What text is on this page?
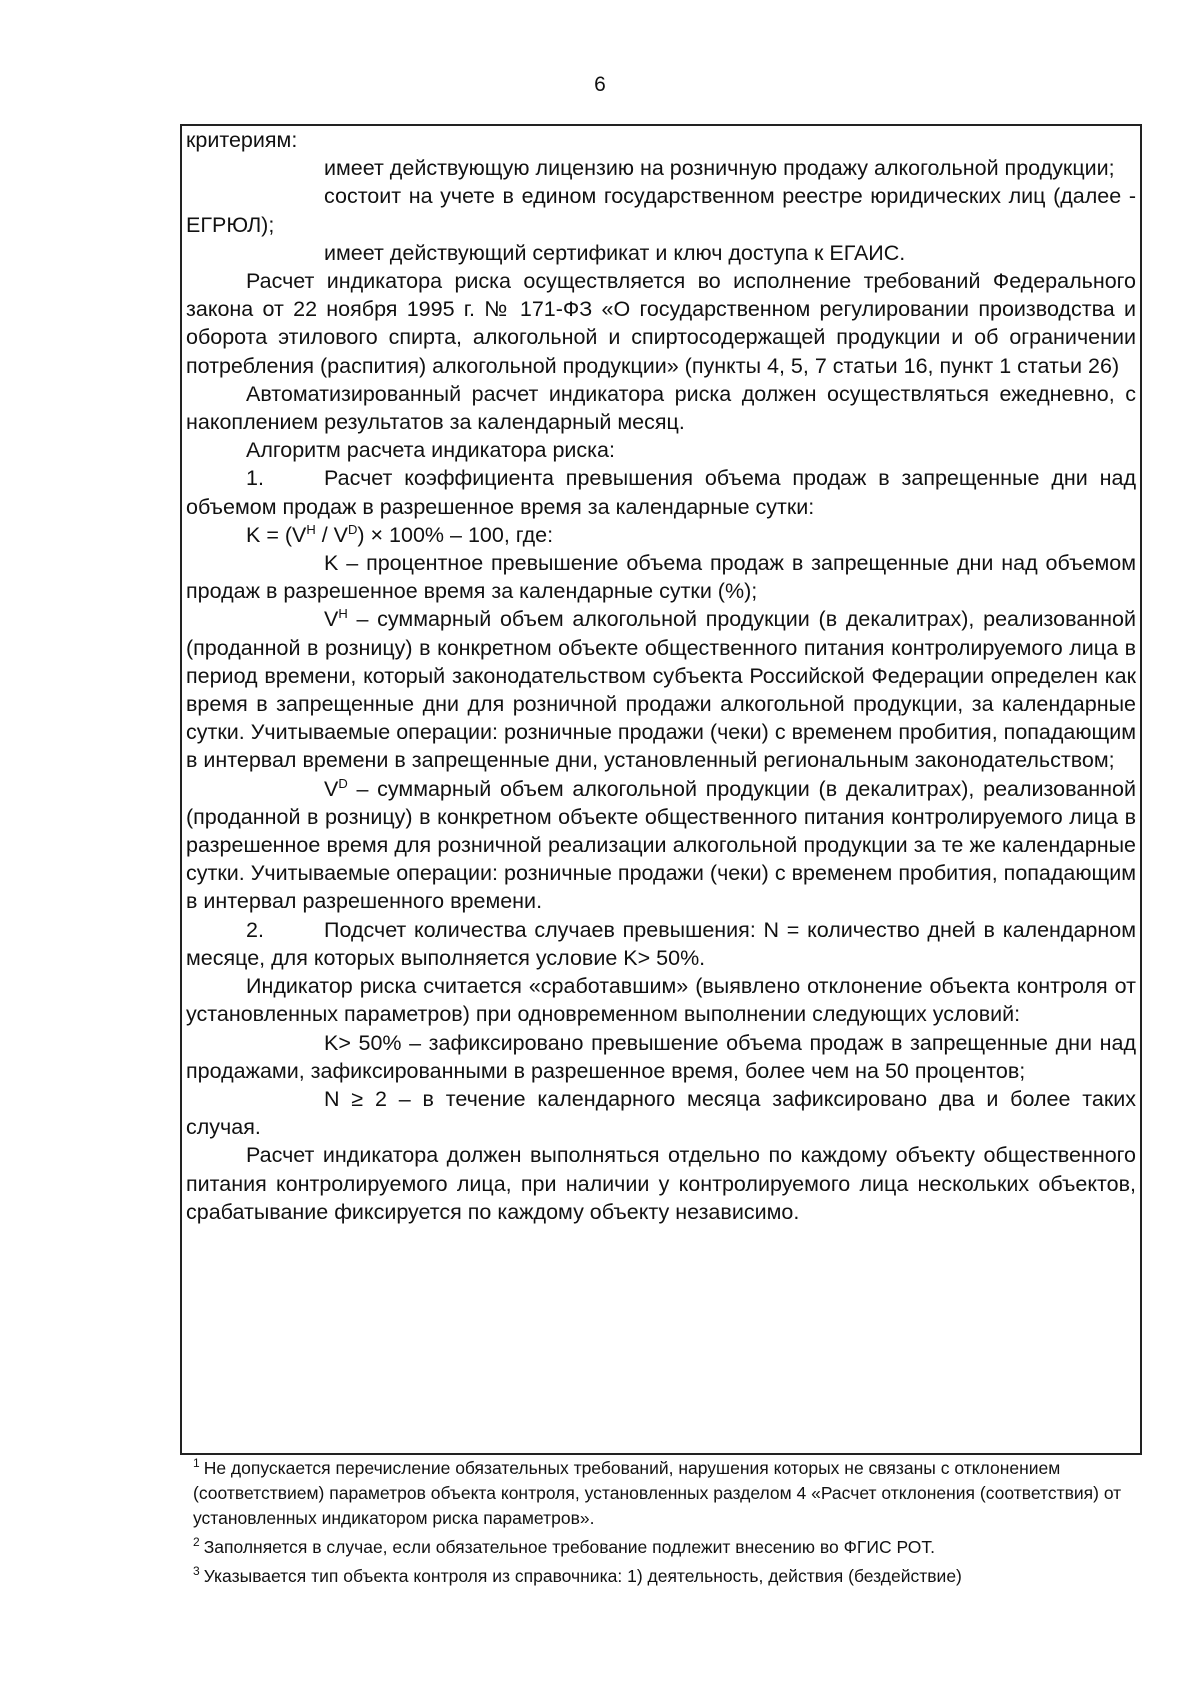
6

критериям:

имеет действующую лицензию на розничную продажу алкогольной продукции;

состоит на учете в едином государственном реестре юридических лиц (далее - ЕГРЮЛ);

имеет действующий сертификат и ключ доступа к ЕГАИС.

Расчет индикатора риска осуществляется во исполнение требований Федерального закона от 22 ноября 1995 г. № 171-ФЗ «О государственном регулировании производства и оборота этилового спирта, алкогольной и спиртосодержащей продукции и об ограничении потребления (распития) алкогольной продукции» (пункты 4, 5, 7 статьи 16, пункт 1 статьи 26)

Автоматизированный расчет индикатора риска должен осуществляться ежедневно, с накоплением результатов за календарный месяц.

Алгоритм расчета индикатора риска:

1.	Расчет коэффициента превышения объема продаж в запрещенные дни над объемом продаж в разрешенное время за календарные сутки:

$K = (V^H / V^D) \times 100\% - 100$, где:

K – процентное превышение объема продаж в запрещенные дни над объемом продаж в разрешенное время за календарные сутки (%);

$V^H$ – суммарный объем алкогольной продукции (в декалитрах), реализованной (проданной в розницу) в конкретном объекте общественного питания контролируемого лица в период времени, который законодательством субъекта Российской Федерации определен как время в запрещенные дни для розничной продажи алкогольной продукции, за календарные сутки. Учитываемые операции: розничные продажи (чеки) с временем пробития, попадающим в интервал времени в запрещенные дни, установленный региональным законодательством;

$V^D$ – суммарный объем алкогольной продукции (в декалитрах), реализованной (проданной в розницу) в конкретном объекте общественного питания контролируемого лица в разрешенное время для розничной реализации алкогольной продукции за те же календарные сутки. Учитываемые операции: розничные продажи (чеки) с временем пробития, попадающим в интервал разрешенного времени.

2.	Подсчет количества случаев превышения: N = количество дней в календарном месяце, для которых выполняется условие K> 50%.

Индикатор риска считается «сработавшим» (выявлено отклонение объекта контроля от установленных параметров) при одновременном выполнении следующих условий:

K> 50% – зафиксировано превышение объема продаж в запрещенные дни над продажами, зафиксированными в разрешенное время, более чем на 50 процентов;

N ≥ 2 – в течение календарного месяца зафиксировано два и более таких случая.

Расчет индикатора должен выполняться отдельно по каждому объекту общественного питания контролируемого лица, при наличии у контролируемого лица нескольких объектов, срабатывание фиксируется по каждому объекту независимо.

$^1$ Не допускается перечисление обязательных требований, нарушения которых не связаны с отклонением (соответствием) параметров объекта контроля, установленных разделом 4 «Расчет отклонения (соответствия) от установленных индикатором риска параметров».

$^2$ Заполняется в случае, если обязательное требование подлежит внесению во ФГИС РОТ.

$^3$ Указывается тип объекта контроля из справочника: 1) деятельность, действия (бездействие)
